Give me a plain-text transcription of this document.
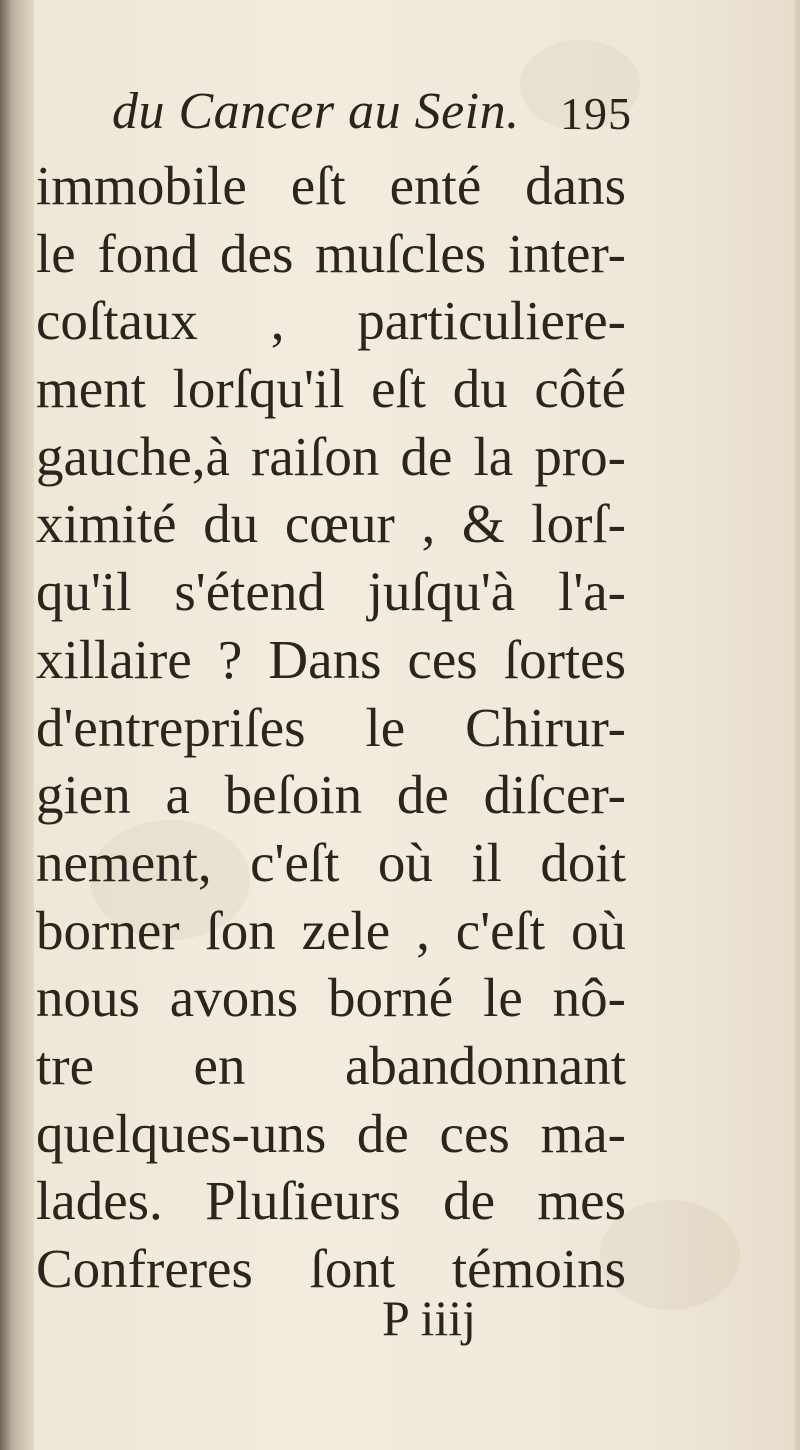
du Cancer au Sein. 195
immobile eſt enté dans
le fond des muſcles inter-
coſtaux , particuliere-
ment lorſqu'il eſt du côté
gauche,à raiſon de la pro-
ximité du cœur , & lorſ-
qu'il s'étend juſqu'à l'a-
xillaire ? Dans ces ſortes
d'entrepriſes le Chirur-
gien a beſoin de diſcer-
nement, c'eſt où il doit
borner ſon zele , c'eſt où
nous avons borné le nô-
tre en abandonnant
quelques-uns de ces ma-
lades. Pluſieurs de mes
Confreres ſont témoins
P iiij
